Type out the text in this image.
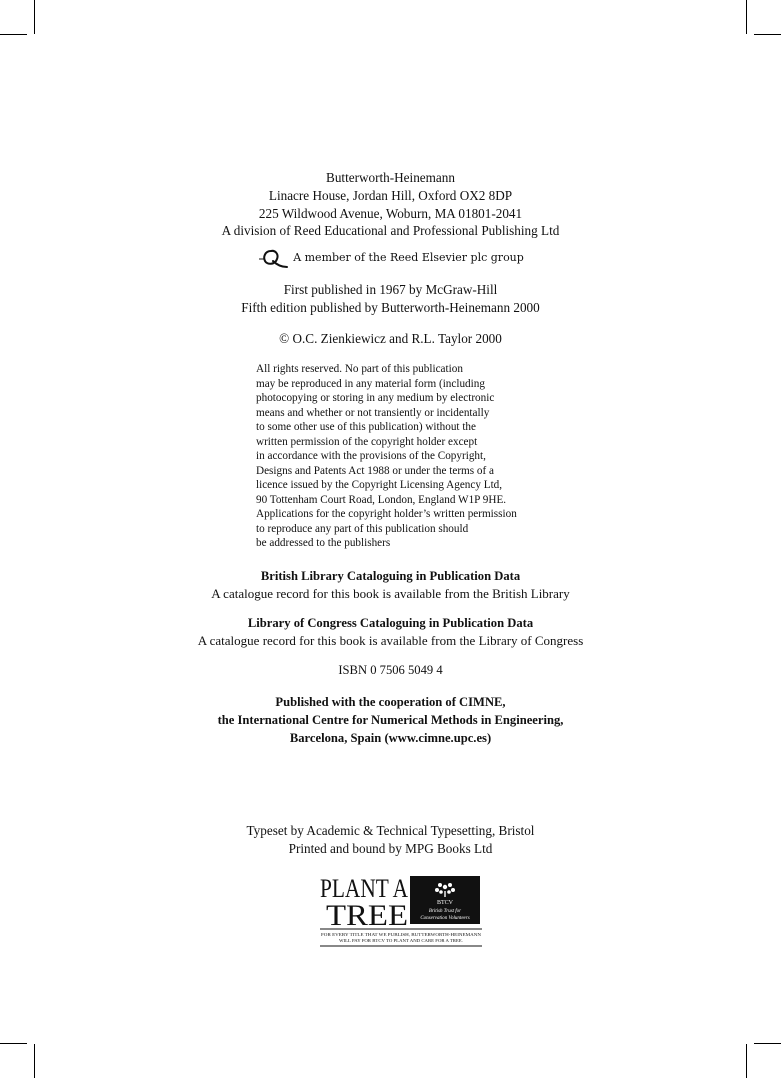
Butterworth-Heinemann
Linacre House, Jordan Hill, Oxford OX2 8DP
225 Wildwood Avenue, Woburn, MA 01801-2041
A division of Reed Educational and Professional Publishing Ltd
A member of the Reed Elsevier plc group
First published in 1967 by McGraw-Hill
Fifth edition published by Butterworth-Heinemann 2000
© O.C. Zienkiewicz and R.L. Taylor 2000
All rights reserved. No part of this publication
may be reproduced in any material form (including
photocopying or storing in any medium by electronic
means and whether or not transiently or incidentally
to some other use of this publication) without the
written permission of the copyright holder except
in accordance with the provisions of the Copyright,
Designs and Patents Act 1988 or under the terms of a
licence issued by the Copyright Licensing Agency Ltd,
90 Tottenham Court Road, London, England W1P 9HE.
Applications for the copyright holder’s written permission
to reproduce any part of this publication should
be addressed to the publishers
British Library Cataloguing in Publication Data
A catalogue record for this book is available from the British Library
Library of Congress Cataloguing in Publication Data
A catalogue record for this book is available from the Library of Congress
ISBN 0 7506 5049 4
Published with the cooperation of CIMNE,
the International Centre for Numerical Methods in Engineering,
Barcelona, Spain (www.cimne.upc.es)
Typeset by Academic & Technical Typesetting, Bristol
Printed and bound by MPG Books Ltd
PLANT A
TREE	BTCV
British Trust for
Conservation Volunteers
FOR EVERY TITLE THAT WE PUBLISH, BUTTERWORTH-HEINEMANN
WILL PAY FOR BTCV TO PLANT AND CARE FOR A TREE.
